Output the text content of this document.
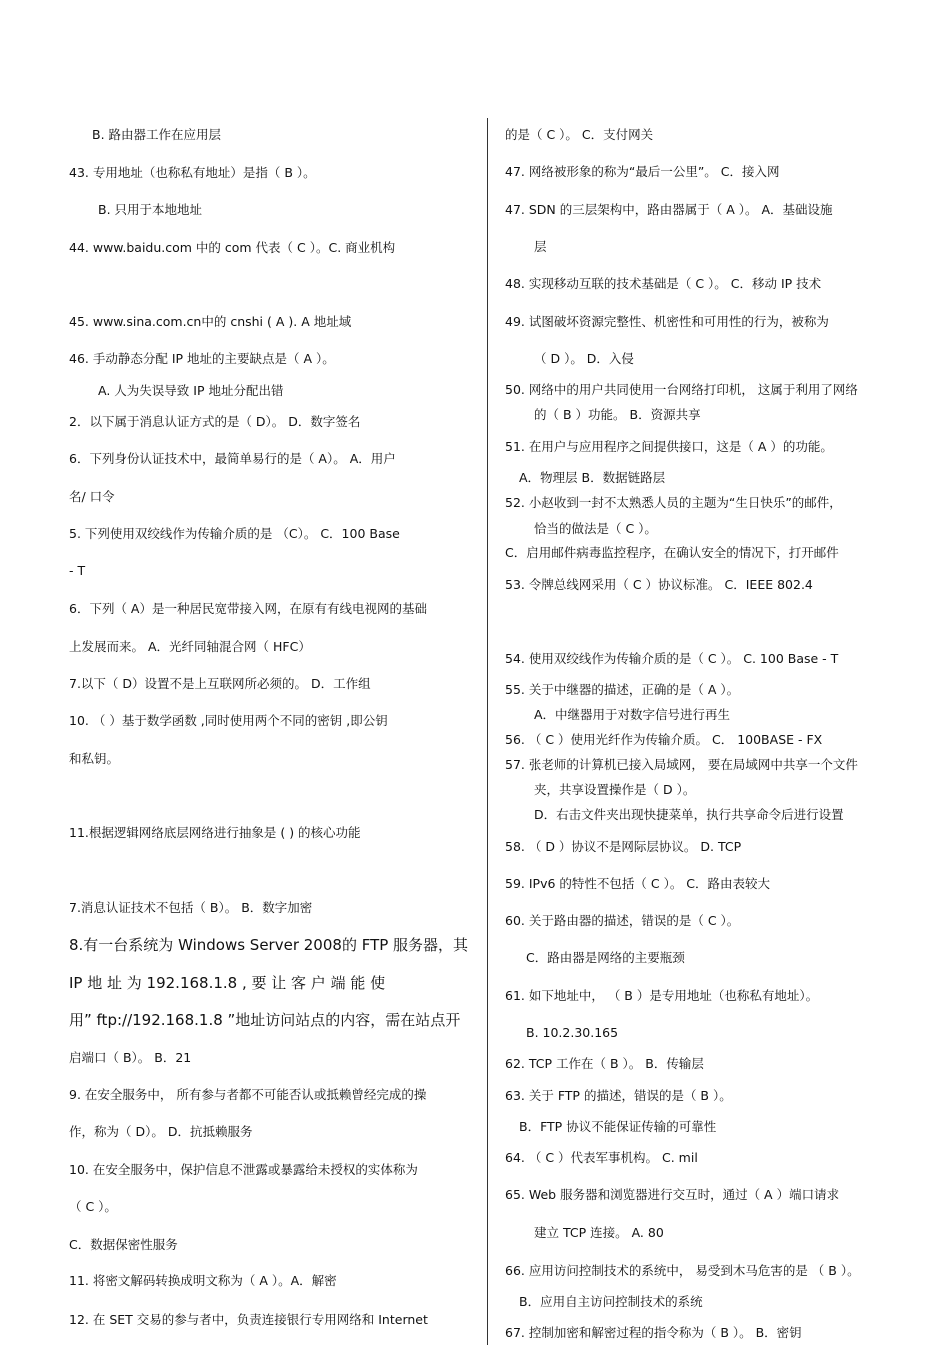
B. 路由器工作在应用层
43. 专用地址（也称私有地址）是指（ B ）。
B. 只用于本地地址
44. www.baidu.com 中的 com 代表（ C ）。C. 商业机构
45. www.sina.com.cn中的 cnshi ( A ). A 地址域
46. 手动静态分配 IP 地址的主要缺点是（ A ）。
A. 人为失误导致 IP 地址分配出错
2．以下属于消息认证方式的是（ D）。 D．数字签名
6．下列身份认证技术中，最简单易行的是（ A）。 A．用户
名/ 口令
5. 下列使用双绞线作为传输介质的是 （C）。 C．100 Base
- T
6．下列（ A）是一种居民宽带接入网，在原有有线电视网的基础
上发展而来。 A．光纤同轴混合网（ HFC）
7.以下（ D）设置不是上互联网所必须的。 D．工作组
10. （ ）基于数学函数 ,同时使用两个不同的密钥 ,即公钥
和私钥。
11.根据逻辑网络底层网络进行抽象是 ( ) 的核心功能
7.消息认证技术不包括（ B）。 B．数字加密
8.有一台系统为 Windows Server 2008的 FTP 服务器，其
IP 地 址 为 192.168.1.8 , 要 让 客 户 端 能 使
用” ftp://192.168.1.8 ”地址访问站点的内容，需在站点开
启端口（ B）。 B．21
9. 在安全服务中， 所有参与者都不可能否认或抵赖曾经完成的操
作，称为（ D）。 D．抗抵赖服务
10. 在安全服务中，保护信息不泄露或暴露给未授权的实体称为
（ C ）。
C．数据保密性服务
11. 将密文解码转换成明文称为（ A ）。A．解密
12. 在 SET 交易的参与者中，负责连接银行专用网络和 Internet
的是（ C ）。 C．支付网关
47. 网络被形象的称为“最后一公里”。 C．接入网
47. SDN 的三层架构中，路由器属于（ A ）。 A．基础设施
层
48. 实现移动互联的技术基础是（ C ）。 C．移动 IP 技术
49. 试图破坏资源完整性、机密性和可用性的行为，被称为
（ D ）。 D．入侵
50. 网络中的用户共同使用一台网络打印机， 这属于利用了网络
的（ B ）功能。 B．资源共享
51. 在用户与应用程序之间提供接口，这是（ A ）的功能。
A．物理层 B．数据链路层
52. 小赵收到一封不太熟悉人员的主题为“生日快乐”的邮件，
恰当的做法是（ C ）。
C．启用邮件病毒监控程序，在确认安全的情况下，打开邮件
53. 令牌总线网采用（ C ）协议标准。 C．IEEE 802.4
54. 使用双绞线作为传输介质的是（ C ）。 C. 100 Base - T
55. 关于中继器的描述，正确的是（ A ）。
A．中继器用于对数字信号进行再生
56. （ C ）使用光纤作为传输介质。 C． 100BASE - FX
57. 张老师的计算机已接入局域网， 要在局域网中共享一个文件
夹，共享设置操作是（ D ）。
D．右击文件夹出现快捷菜单，执行共享命令后进行设置
58. （ D ）协议不是网际层协议。 D. TCP
59. IPv6 的特性不包括（ C ）。 C．路由表较大
60. 关于路由器的描述，错误的是（ C ）。
C．路由器是网络的主要瓶颈
61. 如下地址中， （ B ）是专用地址（也称私有地址）。
B. 10.2.30.165
62. TCP 工作在（ B ）。 B．传输层
63. 关于 FTP 的描述，错误的是（ B ）。
B．FTP 协议不能保证传输的可靠性
64. （ C ）代表军事机构。 C. mil
65. Web 服务器和浏览器进行交互时，通过（ A ）端口请求
建立 TCP 连接。 A. 80
66. 应用访问控制技术的系统中， 易受到木马危害的是 （ B ）。
B．应用自主访问控制技术的系统
67. 控制加密和解密过程的指令称为（ B ）。 B．密钥
